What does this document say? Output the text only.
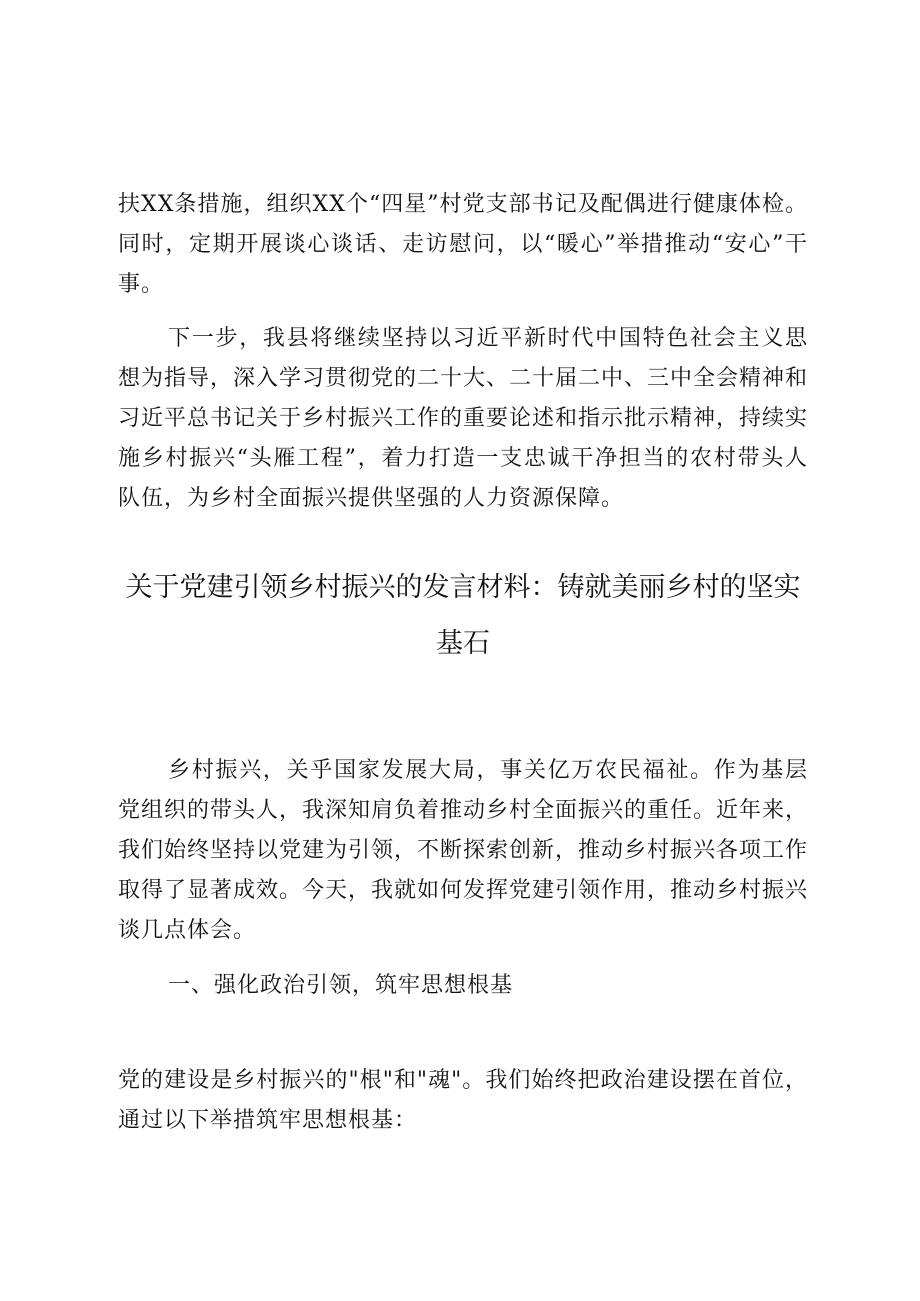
扶XX条措施，组织XX个“四星”村党支部书记及配偶进行健康体检。同时，定期开展谈心谈话、走访慰问，以“暖心”举措推动“安心”干事。

下一步，我县将继续坚持以习近平新时代中国特色社会主义思想为指导，深入学习贯彻党的二十大、二十届二中、三中全会精神和习近平总书记关于乡村振兴工作的重要论述和指示批示精神，持续实施乡村振兴“头雁工程”，着力打造一支忠诚干净担当的农村带头人队伍，为乡村全面振兴提供坚强的人力资源保障。

关于党建引领乡村振兴的发言材料：铸就美丽乡村的坚实基石

乡村振兴，关乎国家发展大局，事关亿万农民福祉。作为基层党组织的带头人，我深知肩负着推动乡村全面振兴的重任。近年来，我们始终坚持以党建为引领，不断探索创新，推动乡村振兴各项工作取得了显著成效。今天，我就如何发挥党建引领作用，推动乡村振兴谈几点体会。

一、强化政治引领，筑牢思想根基

党的建设是乡村振兴的"根"和"魂"。我们始终把政治建设摆在首位，通过以下举措筑牢思想根基：
